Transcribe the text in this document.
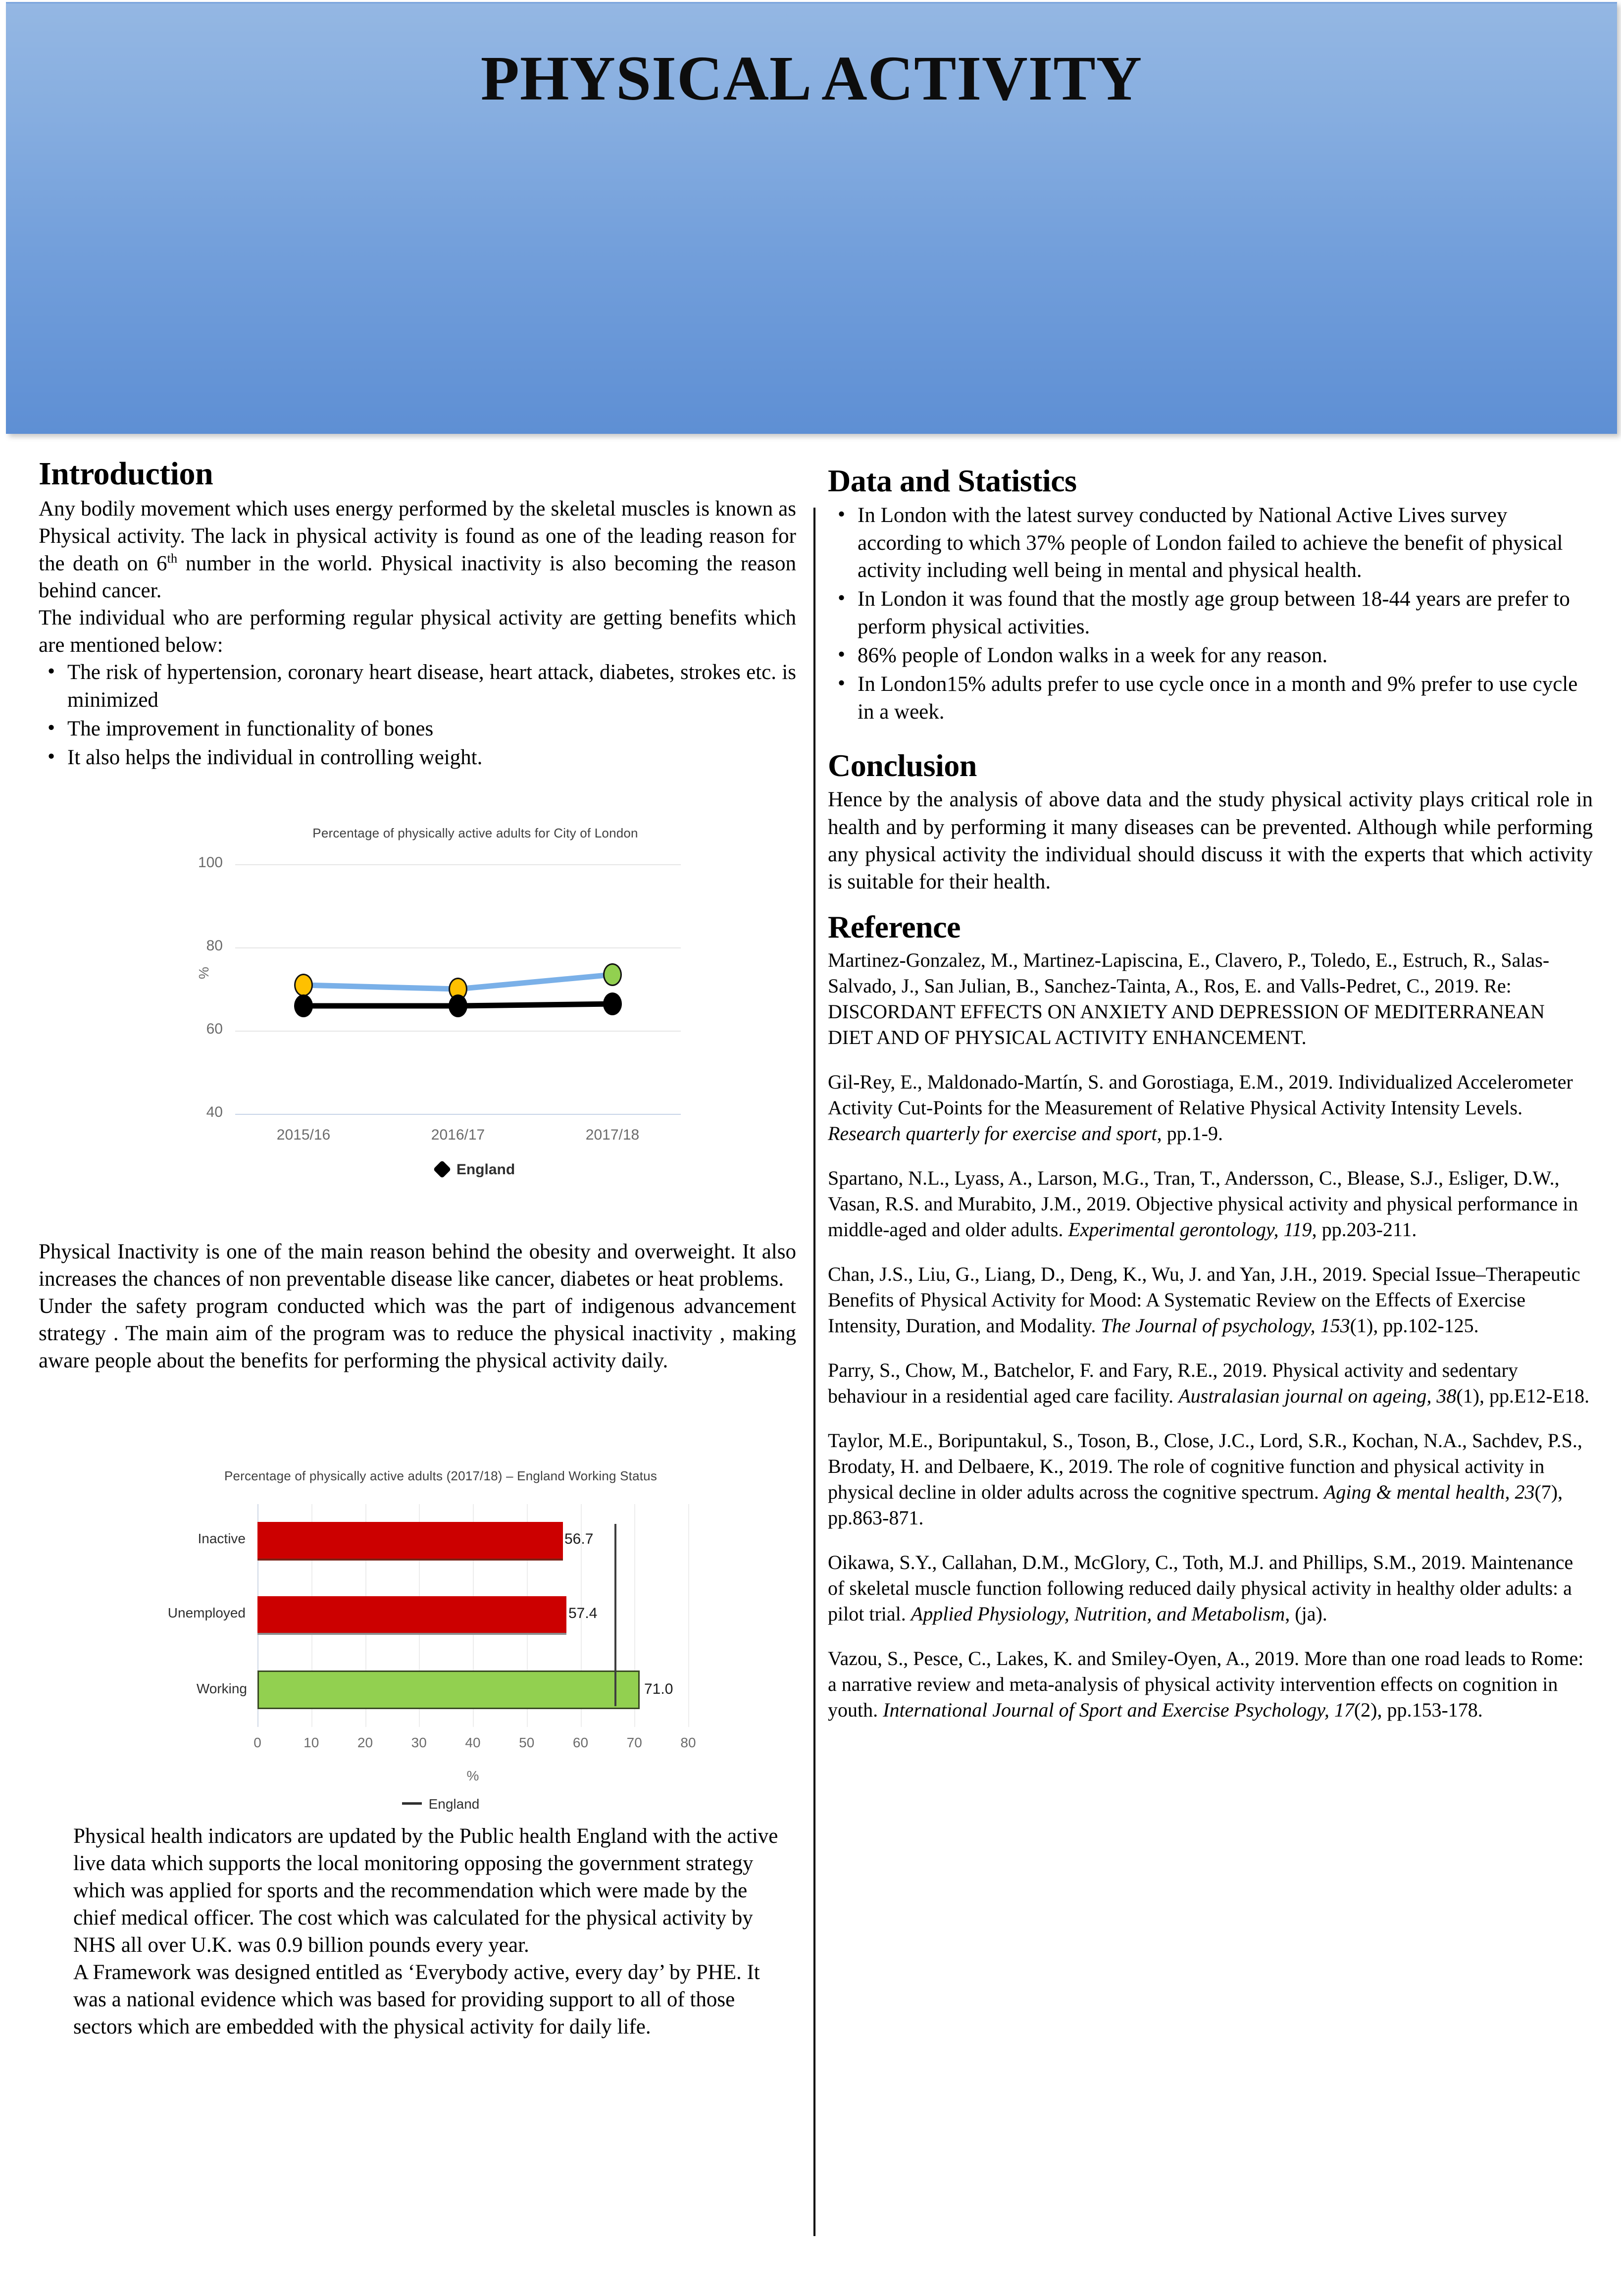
PHYSICAL ACTIVITY
Introduction

Any bodily movement which uses energy performed by the skeletal muscles is known as Physical activity. The lack in physical activity is found as one of the leading reason for the death on 6th number in the world. Physical inactivity is also becoming the reason behind cancer.

The individual who are performing regular physical activity are getting benefits which are mentioned below:

• The risk of hypertension, coronary heart disease, heart attack, diabetes, strokes etc. is minimized
• The improvement in functionality of bones
• It also helps the individual in controlling weight.
Percentage of physically active adults for City of London
%
100
80
60
40
2015/16	2016/17	2017/18
England

Physical Inactivity is one of the main reason behind the obesity and overweight. It also increases the chances of non preventable disease like cancer, diabetes or heat problems.

Under the safety program conducted which was the part of indigenous advancement strategy . The main aim of the program was to reduce the physical inactivity , making aware people about the benefits for performing the physical activity daily.

Percentage of physically active adults (2017/18) – England Working Status
Inactive	56.7
Unemployed	57.4
Working	71.0
0	10	20	30	40	50	60	70	80
%
England

Physical health indicators are updated by the Public health England with the active live data which supports the local monitoring opposing the government strategy which was applied for sports and the recommendation which were made by the chief medical officer. The cost which was calculated for the physical activity by NHS all over U.K. was 0.9 billion pounds every year.

A Framework was designed entitled as ‘Everybody active, every day’ by PHE. It was a national evidence which was based for providing support to all of those sectors which are embedded with the physical activity for daily life.

Data and Statistics
• In London with the latest survey conducted by National Active Lives survey according to which 37% people of London failed to achieve the benefit of physical activity including well being in mental and physical health.
• In London it was found that the mostly age group between 18-44 years are prefer to perform physical activities.
• 86% people of London walks in a week for any reason.
• In London15% adults prefer to use cycle once in a month and 9% prefer to use cycle in a week.
Conclusion

Hence by the analysis of above data and the study physical activity plays critical role in health and by performing it many diseases can be prevented. Although while performing any physical activity the individual should discuss it with the experts that which activity is suitable for their health.

Reference

Martinez-Gonzalez, M., Martinez-Lapiscina, E., Clavero, P., Toledo, E., Estruch, R., Salas-Salvado, J., San Julian, B., Sanchez-Tainta, A., Ros, E. and Valls-Pedret, C., 2019. Re: DISCORDANT EFFECTS ON ANXIETY AND DEPRESSION OF MEDITERRANEAN DIET AND OF PHYSICAL ACTIVITY ENHANCEMENT.

Gil-Rey, E., Maldonado-Martín, S. and Gorostiaga, E.M., 2019. Individualized Accelerometer Activity Cut-Points for the Measurement of Relative Physical Activity Intensity Levels. Research quarterly for exercise and sport, pp.1-9.

Spartano, N.L., Lyass, A., Larson, M.G., Tran, T., Andersson, C., Blease, S.J., Esliger, D.W., Vasan, R.S. and Murabito, J.M., 2019. Objective physical activity and physical performance in middle-aged and older adults. Experimental gerontology, 119, pp.203-211.

Chan, J.S., Liu, G., Liang, D., Deng, K., Wu, J. and Yan, J.H., 2019. Special Issue–Therapeutic Benefits of Physical Activity for Mood: A Systematic Review on the Effects of Exercise Intensity, Duration, and Modality. The Journal of psychology, 153(1), pp.102-125.

Parry, S., Chow, M., Batchelor, F. and Fary, R.E., 2019. Physical activity and sedentary behaviour in a residential aged care facility. Australasian journal on ageing, 38(1), pp.E12-E18.

Taylor, M.E., Boripuntakul, S., Toson, B., Close, J.C., Lord, S.R., Kochan, N.A., Sachdev, P.S., Brodaty, H. and Delbaere, K., 2019. The role of cognitive function and physical activity in physical decline in older adults across the cognitive spectrum. Aging & mental health, 23(7), pp.863-871.

Oikawa, S.Y., Callahan, D.M., McGlory, C., Toth, M.J. and Phillips, S.M., 2019. Maintenance of skeletal muscle function following reduced daily physical activity in healthy older adults: a pilot trial. Applied Physiology, Nutrition, and Metabolism, (ja).

Vazou, S., Pesce, C., Lakes, K. and Smiley-Oyen, A., 2019. More than one road leads to Rome: a narrative review and meta-analysis of physical activity intervention effects on cognition in youth. International Journal of Sport and Exercise Psychology, 17(2), pp.153-178.
